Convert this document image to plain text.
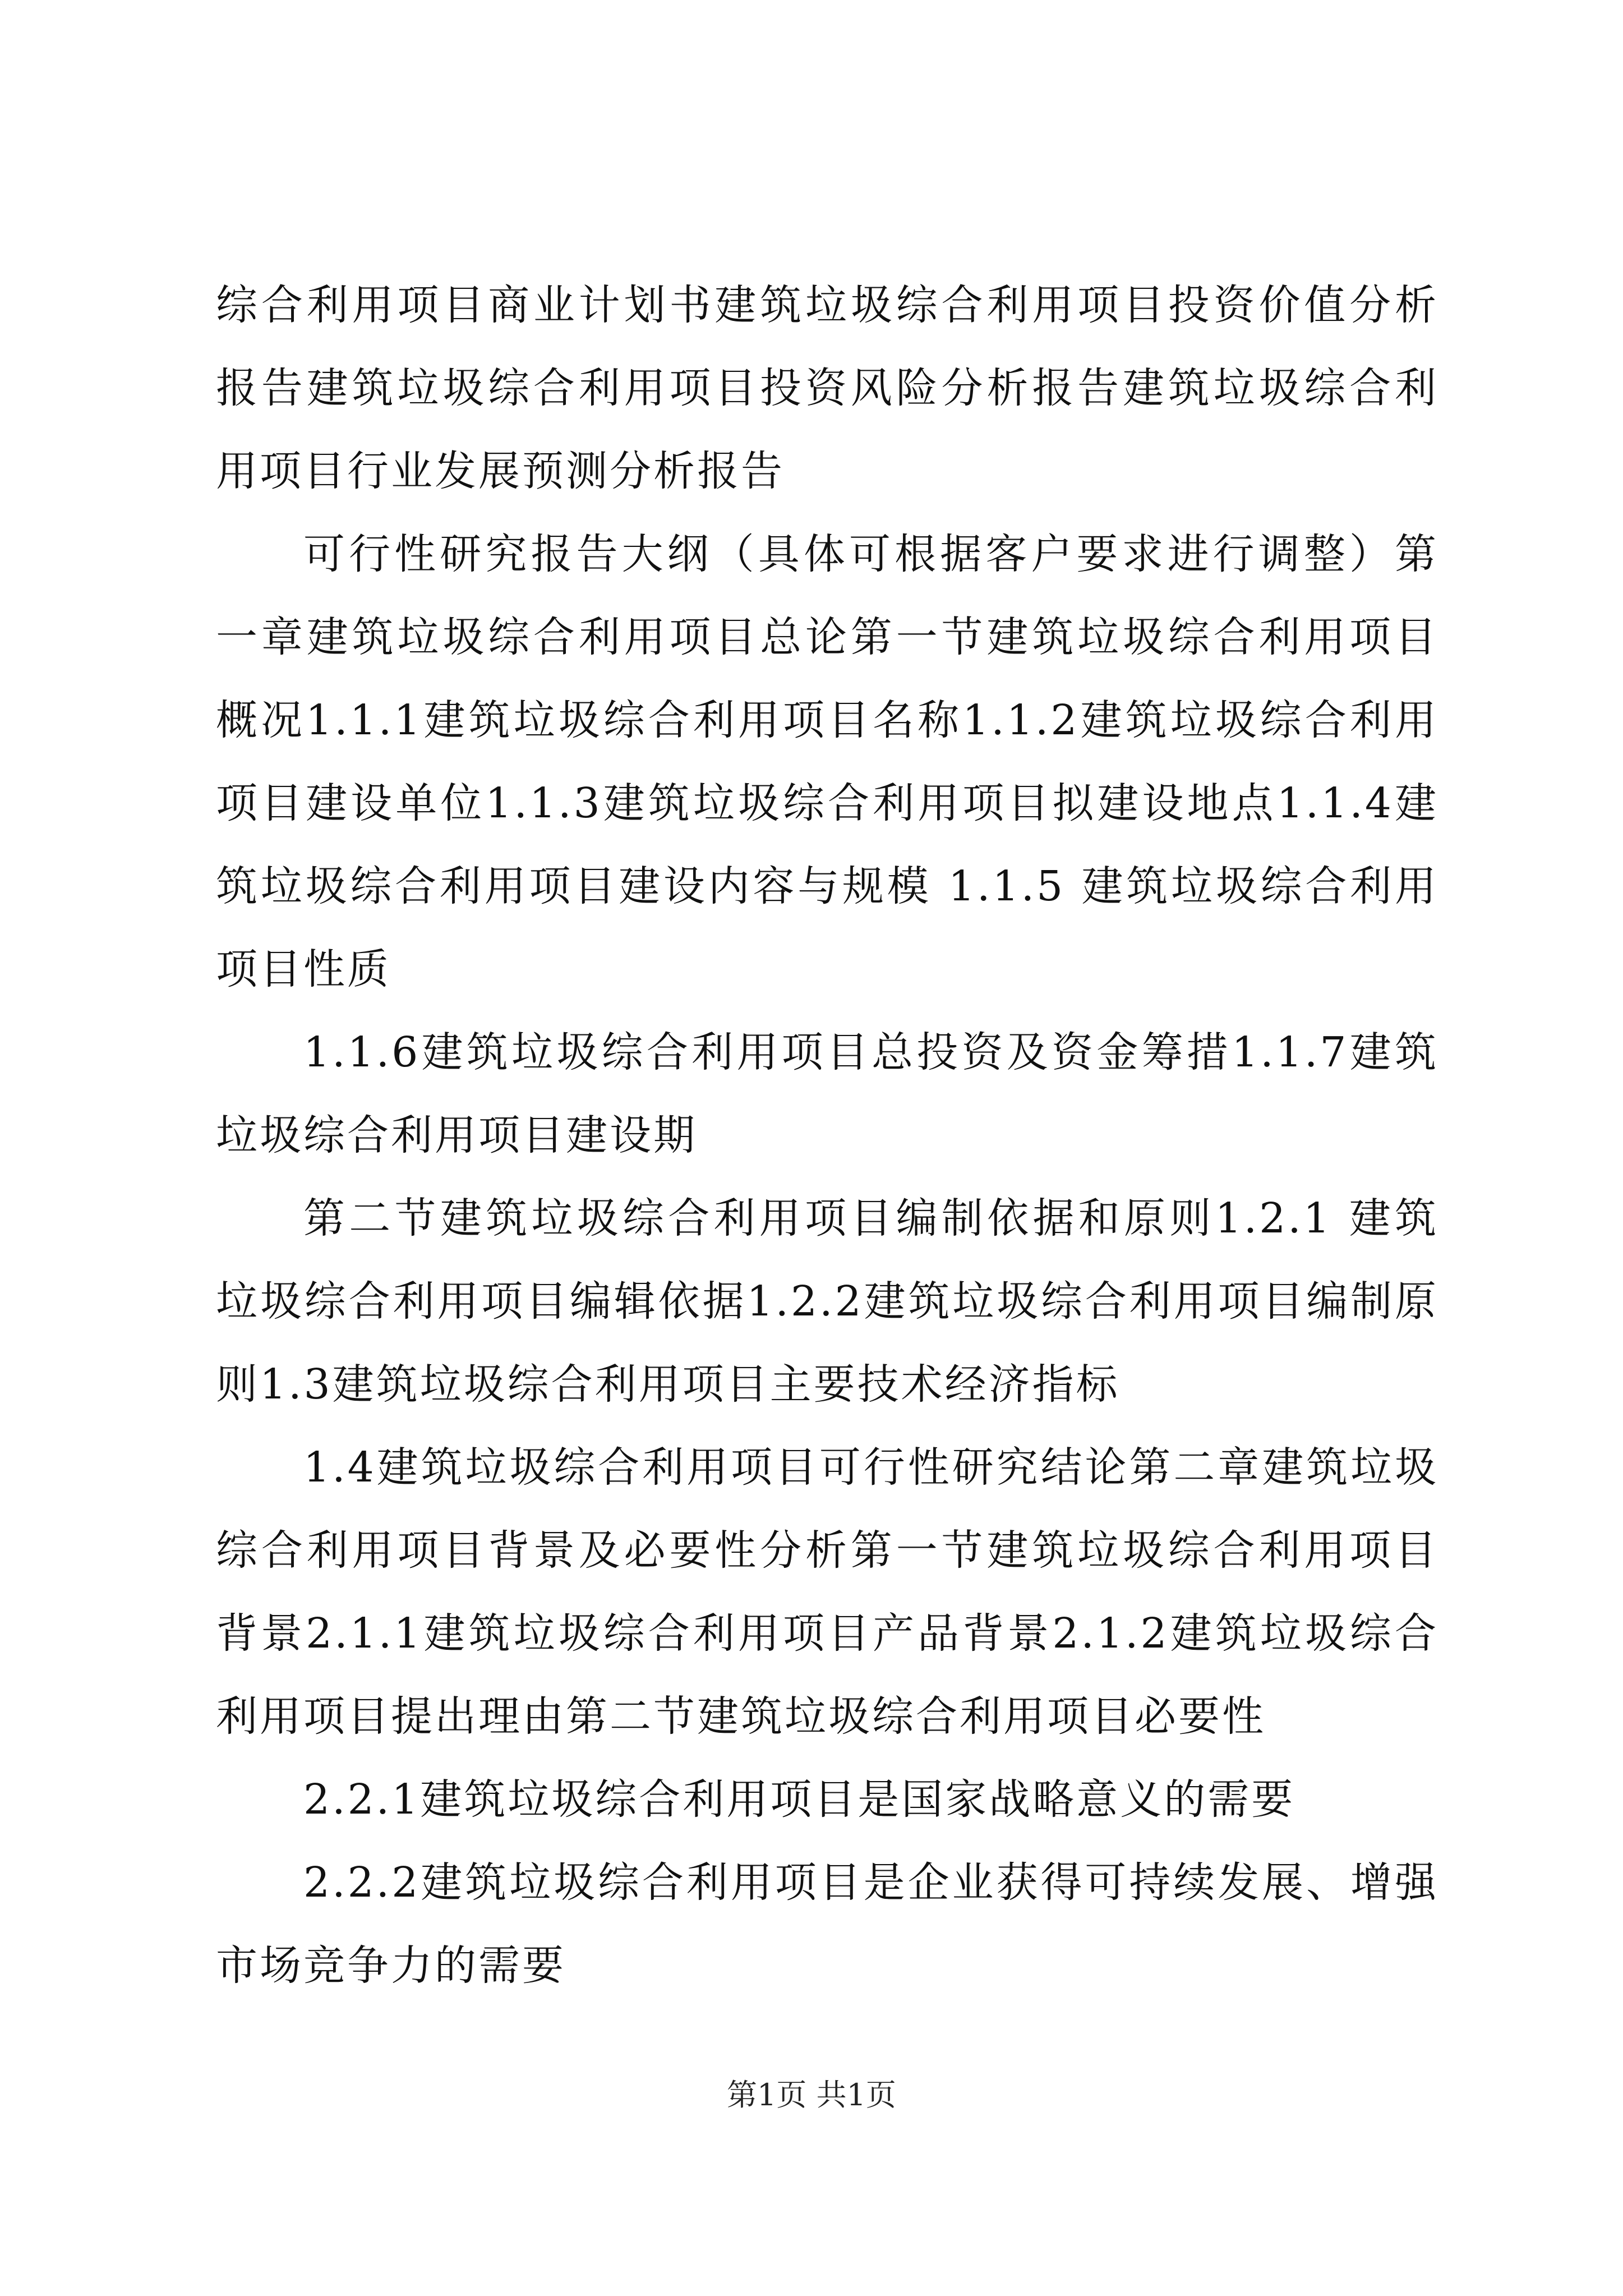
综合利用项目商业计划书建筑垃圾综合利用项目投资价值分析报告建筑垃圾综合利用项目投资风险分析报告建筑垃圾综合利用项目行业发展预测分析报告

可行性研究报告大纲（具体可根据客户要求进行调整）第一章建筑垃圾综合利用项目总论第一节建筑垃圾综合利用项目概况1.1.1建筑垃圾综合利用项目名称1.1.2建筑垃圾综合利用项目建设单位1.1.3建筑垃圾综合利用项目拟建设地点1.1.4建筑垃圾综合利用项目建设内容与规模 1.1.5 建筑垃圾综合利用项目性质

1.1.6建筑垃圾综合利用项目总投资及资金筹措1.1.7建筑垃圾综合利用项目建设期

第二节建筑垃圾综合利用项目编制依据和原则1.2.1 建筑垃圾综合利用项目编辑依据1.2.2建筑垃圾综合利用项目编制原则1.3建筑垃圾综合利用项目主要技术经济指标

1.4建筑垃圾综合利用项目可行性研究结论第二章建筑垃圾综合利用项目背景及必要性分析第一节建筑垃圾综合利用项目背景2.1.1建筑垃圾综合利用项目产品背景2.1.2建筑垃圾综合利用项目提出理由第二节建筑垃圾综合利用项目必要性

2.2.1建筑垃圾综合利用项目是国家战略意义的需要

2.2.2建筑垃圾综合利用项目是企业获得可持续发展、增强市场竞争力的需要

第1页 共1页
